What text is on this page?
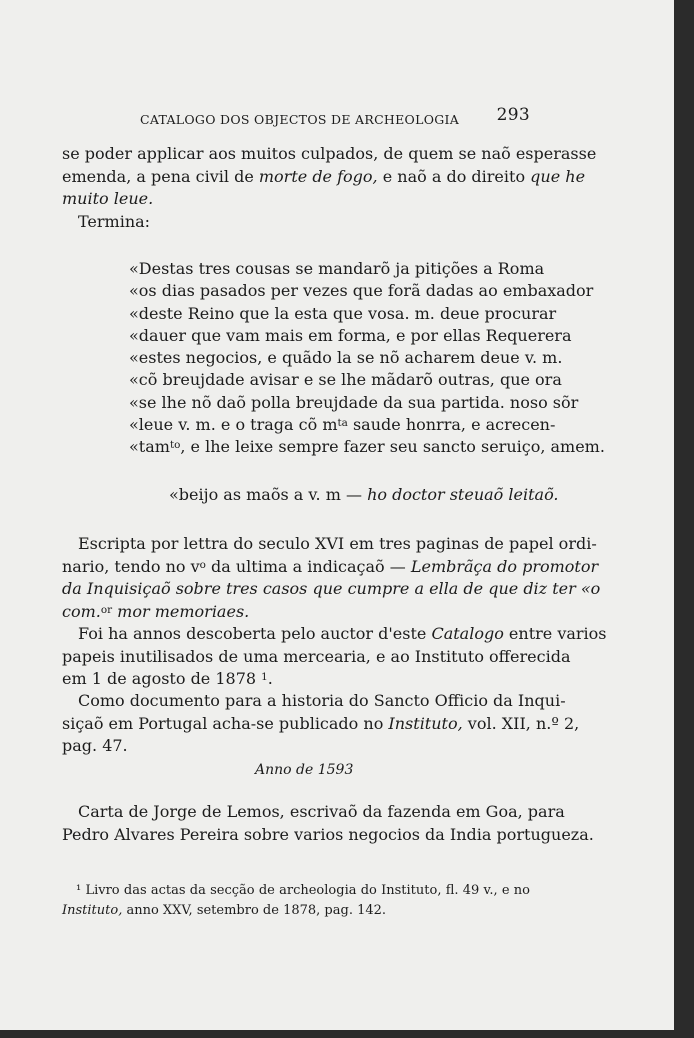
CATALOGO DOS OBJECTOS DE ARCHEOLOGIA 293
se poder applicar aos muitos culpados, de quem se naõ esperasse
emenda, a pena civil de morte de fogo, e naõ a do direito que he
muito leue.
Termina:
«Destas tres cousas se mandarõ ja pitições a Roma
«os dias pasados per vezes que forã dadas ao embaxador
«deste Reino que la esta que vosa. m. deue procurar
«dauer que vam mais em forma, e por ellas Requerera
«estes negocios, e quãdo la se nõ acharem deue v. m.
«cõ breujdade avisar e se lhe mãdarõ outras, que ora
«se lhe nõ daõ polla breujdade da sua partida. noso sõr
«leue v. m. e o traga cõ $m^{ta}$ saude honrra, e acrecen-
«tam$^{to}$, e lhe leixe sempre fazer seu sancto seruiço, amem.
«beijo as maõs a v. m — ho doctor steuaõ leitaõ.
Escripta por lettra do seculo XVI em tres paginas de papel ordi-
nario, tendo no $v^o$ da ultima a indicaçaõ — Lembrãça do promotor
da Inquisiçaõ sobre tres casos que cumpre a ella de que diz ter «o
com.$^{or}$ mor memoriaes.
Foi ha annos descoberta pelo auctor d'este Catalogo entre varios
papeis inutilisados de uma mercearia, e ao Instituto offerecida
em 1 de agosto de 1878 $^1$.
Como documento para a historia do Sancto Officio da Inqui-
siçaõ em Portugal acha-se publicado no Instituto, vol. XII, n.º 2,
pag. 47.
Anno de 1593
Carta de Jorge de Lemos, escrivaõ da fazenda em Goa, para
Pedro Alvares Pereira sobre varios negocios da India portugueza.
¹ Livro das actas da secção de archeologia do Instituto, fl. 49 v., e no
Instituto, anno XXV, setembro de 1878, pag. 142.
